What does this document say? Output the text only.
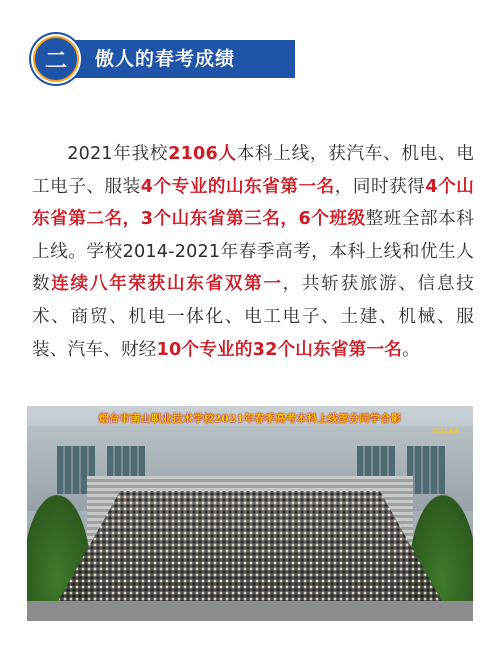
二	傲人的春考成绩
2021年我校2106人本科上线，获汽车、机电、电工电子、服装4个专业的山东省第一名，同时获得4个山东省第二名，3个山东省第三名，6个班级整班全部本科上线。学校2014-2021年春季高考，本科上线和优生人数连续八年荣获山东省双第一，共斩获旅游、信息技术、商贸、机电一体化、电工电子、土建、机械、服装、汽车、财经10个专业的32个山东省第一名。
烟台市南山职业技术学校2021年春季高考本科上线部分同学合影
2021.6.6
